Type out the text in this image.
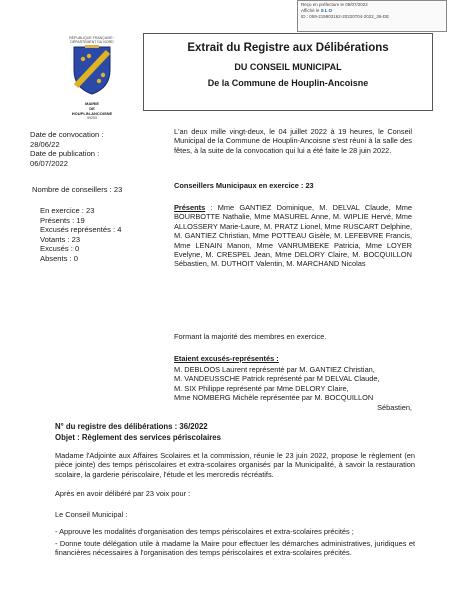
Reçu en préfecture le 05/07/2022
Affiché le SLO
ID : 059-215903162-20220704-2022_36-DE
RÉPUBLIQUE FRANÇAISE · DÉPARTEMENT DU NORD
MAIRIE
DE
HOUPLIN-ANCOISNE
59263
Extrait du Registre aux Délibérations
DU CONSEIL MUNICIPAL
De la Commune de Houplin-Ancoisne
Date de convocation :
28/06/22
Date de publication :
06/07/2022
Nombre de conseillers : 23
En exercice : 23
Présents : 19
Excusés représentés : 4
Votants : 23
Excusés : 0
Absents : 0
L'an deux mille vingt-deux, le 04 juillet 2022 à 19 heures, le Conseil Municipal de la Commune de Houplin-Ancoisne s'est réuni à la salle des fêtes, à la suite de la convocation qui lui a été faite le 28 juin 2022.
Conseillers Municipaux en exercice : 23
Présents : Mme GANTIEZ Dominique, M. DELVAL Claude, Mme BOURBOTTE Nathalie, Mme MASUREL Anne, M. WIPLIE Hervé, Mme ALLOSSERY Marie-Laure, M. PRATZ Lionel, Mme RUSCART Delphine, M. GANTIEZ Christian, Mme POTTEAU Gisèle, M. LEFEBVRE Francis, Mme LENAIN Manon, Mme VANRUMBEKE Patricia, Mme LOYER Evelyne, M. CRESPEL Jean, Mme DELORY Claire, M. BOCQUILLON Sébastien, M. DUTHOIT Valentin, M. MARCHAND Nicolas
Formant la majorité des membres en exercice.
Etaient excusés-représentés :
M. DEBLOOS Laurent représenté par M. GANTIEZ Christian,
M. VANDEUSSCHE Patrick représenté par M DELVAL Claude,
M. SIX Philippe représenté par Mme DELORY Claire,
Mme NOMBERG Michèle représentée par M. BOCQUILLON
Sébastien,
N° du registre des délibérations : 36/2022
Objet : Règlement des services périscolaires
Madame l'Adjointe aux Affaires Scolaires et la commission, réunie le 23 juin 2022, propose le règlement (en pièce jointe) des temps périscolaires et extra-scolaires organisés par la Municipalité, à savoir la restauration scolaire, la garderie périscolaire, l'étude et les mercredis récréatifs.
Après en avoir délibéré par 23 voix pour :
Le Conseil Municipal :
- Approuve les modalités d'organisation des temps périscolaires et extra-scolaires précités ;
- Donne toute délégation utile à madame la Maire pour effectuer les démarches administratives, juridiques et financières nécessaires à l'organisation des temps périscolaires et extra-scolaires précités.
